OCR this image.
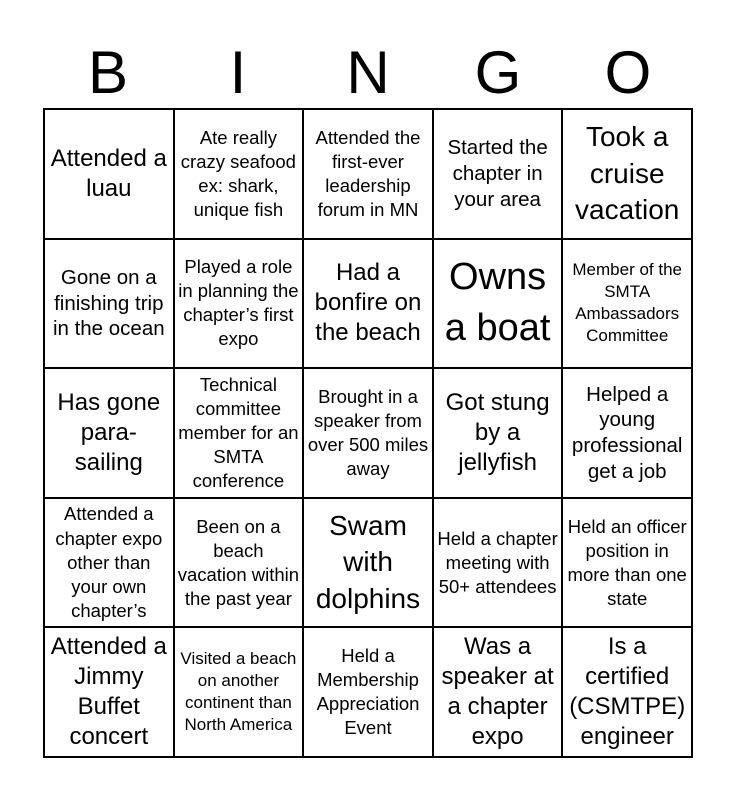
B	I	N	G	O
Attended a luau
Ate really crazy seafood ex: shark, unique fish
Attended the first-ever leadership forum in MN
Started the chapter in your area
Took a cruise vacation
Gone on a finishing trip in the ocean
Played a role in planning the chapter’s first expo
Had a bonfire on the beach
Owns a boat
Member of the SMTA Ambassadors Committee
Has gone para-sailing
Technical committee member for an SMTA conference
Brought in a speaker from over 500 miles away
Got stung by a jellyfish
Helped a young professional get a job
Attended a chapter expo other than your own chapter’s
Been on a beach vacation within the past year
Swam with dolphins
Held a chapter meeting with 50+ attendees
Held an officer position in more than one state
Attended a Jimmy Buffet concert
Visited a beach on another continent than North America
Held a Membership Appreciation Event
Was a speaker at a chapter expo
Is a certified (CSMTPE) engineer
